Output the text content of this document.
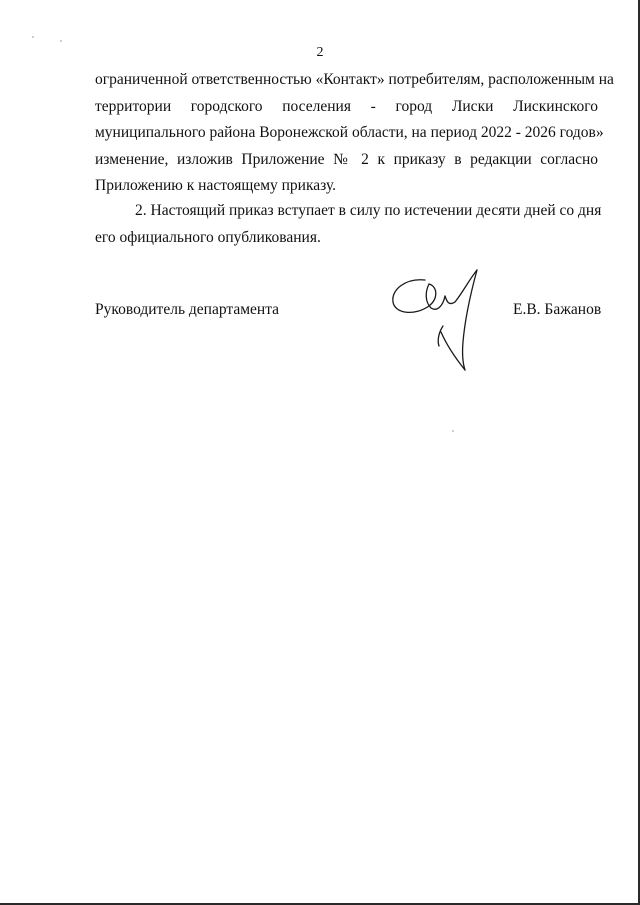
2
ограниченной ответственностью «Контакт» потребителям, расположенным на
территории городского поселения - город Лиски Лискинского
муниципального района Воронежской области, на период 2022 - 2026 годов»
изменение, изложив Приложение № 2 к приказу в редакции согласно
Приложению к настоящему приказу.
2. Настоящий приказ вступает в силу по истечении десяти дней со дня
его официального опубликования.
Руководитель департамента	Е.В. Бажанов
